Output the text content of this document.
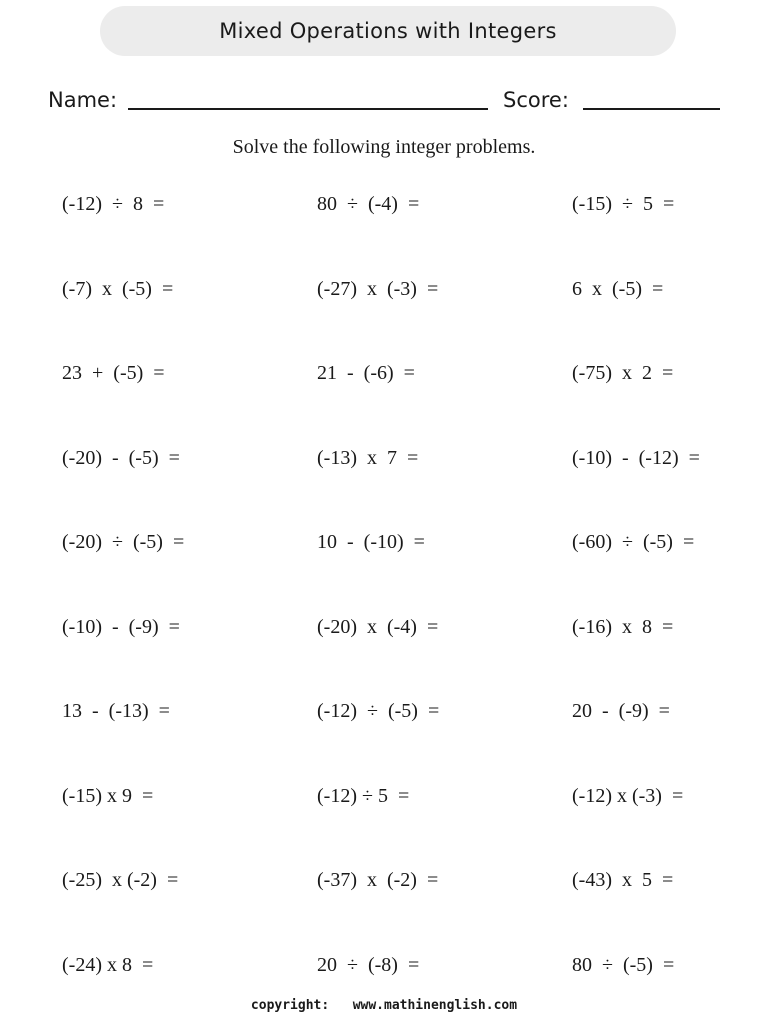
Mixed Operations with Integers
Name:	Score:
Solve the following integer problems.
(-12)  ÷  8  =	80  ÷  (-4)  =	(-15)  ÷  5  =
(-7)  x  (-5)  =	(-27)  x  (-3)  =	6  x  (-5)  =
23  +  (-5)  =	21  -  (-6)  =	(-75)  x  2  =
(-20)  -  (-5)  =	(-13)  x  7  =	(-10)  -  (-12)  =
(-20)  ÷  (-5)  =	10  -  (-10)  =	(-60)  ÷  (-5)  =
(-10)  -  (-9)  =	(-20)  x  (-4)  =	(-16)  x  8  =
13  -  (-13)  =	(-12)  ÷  (-5)  =	20  -  (-9)  =
(-15) x 9  =	(-12) ÷ 5  =	(-12) x (-3)  =
(-25)  x (-2)  =	(-37)  x  (-2)  =	(-43)  x  5  =
(-24) x 8  =	20  ÷  (-8)  =	80  ÷  (-5)  =
copyright: www.mathinenglish.com
